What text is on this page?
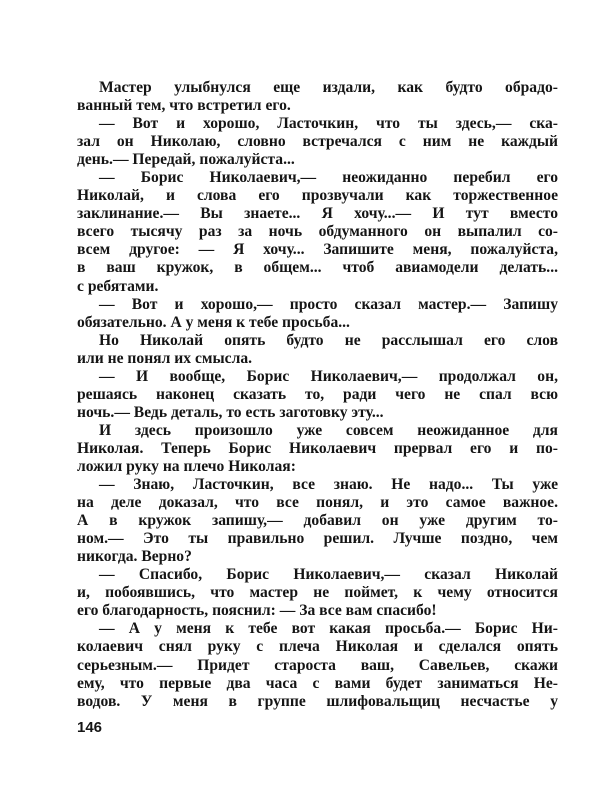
Мастер улыбнулся еще издали, как будто обрадо-
ванный тем, что встретил его.
— Вот и хорошо, Ласточкин, что ты здесь,— ска-
зал он Николаю, словно встречался с ним не каждый
день.— Передай, пожалуйста...
— Борис Николаевич,— неожиданно перебил его
Николай, и слова его прозвучали как торжественное
заклинание.— Вы знаете... Я хочу...— И тут вместо
всего тысячу раз за ночь обдуманного он выпалил со-
всем другое: — Я хочу... Запишите меня, пожалуйста,
в ваш кружок, в общем... чтоб авиамодели делать...
с ребятами.
— Вот и хорошо,— просто сказал мастер.— Запишу
обязательно. А у меня к тебе просьба...
Но Николай опять будто не расслышал его слов
или не понял их смысла.
— И вообще, Борис Николаевич,— продолжал он,
решаясь наконец сказать то, ради чего не спал всю
ночь.— Ведь деталь, то есть заготовку эту...
И здесь произошло уже совсем неожиданное для
Николая. Теперь Борис Николаевич прервал его и по-
ложил руку на плечо Николая:
— Знаю, Ласточкин, все знаю. Не надо... Ты уже
на деле доказал, что все понял, и это самое важное.
А в кружок запишу,— добавил он уже другим то-
ном.— Это ты правильно решил. Лучше поздно, чем
никогда. Верно?
— Спасибо, Борис Николаевич,— сказал Николай
и, побоявшись, что мастер не поймет, к чему относится
его благодарность, пояснил: — За все вам спасибо!
— А у меня к тебе вот какая просьба.— Борис Ни-
колаевич снял руку с плеча Николая и сделался опять
серьезным.— Придет староста ваш, Савельев, скажи
ему, что первые два часа с вами будет заниматься Не-
водов. У меня в группе шлифовальщиц несчастье у
146
